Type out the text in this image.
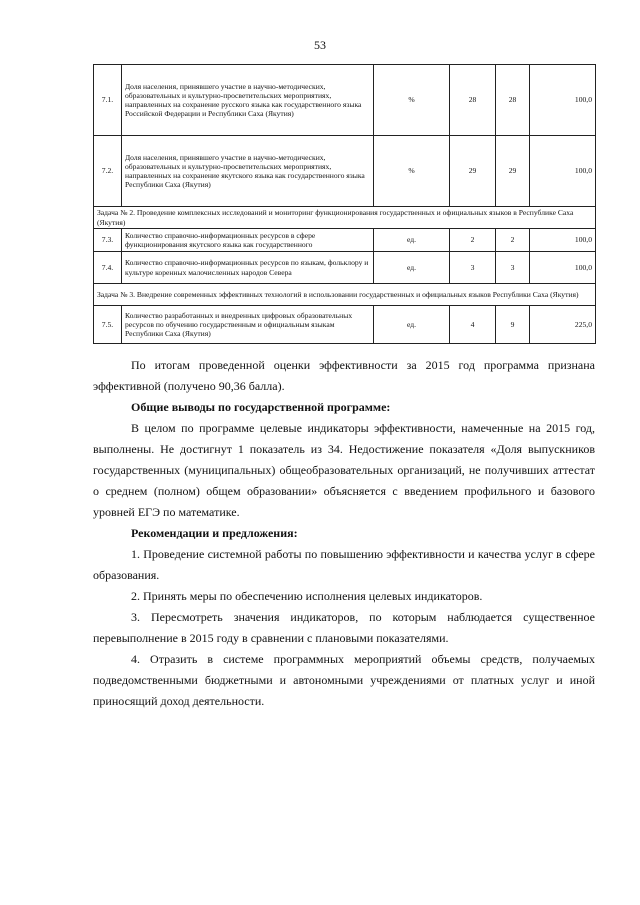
53
7.1.	Доля населения, принявшего участие в научно-методических, образовательных и культурно-просветительских мероприятиях, направленных на сохранение русского языка как государственного языка Российской Федерации и Республики Саха (Якутия)	%	28	28	100,0
7.2.	Доля населения, принявшего участие в научно-методических, образовательных и культурно-просветительских мероприятиях, направленных на сохранение якутского языка как государственного языка Республики Саха (Якутия)	%	29	29	100,0
Задача № 2. Проведение комплексных исследований и мониторинг функционирования государственных и официальных языков в Республике Саха (Якутия)					
7.3.	Количество справочно-информационных ресурсов в сфере функционирования якутского языка как государственного	ед.	2	2	100,0
7.4.	Количество справочно-информационных ресурсов по языкам, фольклору и культуре коренных малочисленных народов Севера	ед.	3	3	100,0
Задача № 3. Внедрение современных эффективных технологий в использовании государственных и официальных языков Республики Саха (Якутия)					
7.5.	Количество разработанных и внедренных цифровых образовательных ресурсов по обучению государственным и официальным языкам Республики Саха (Якутия)	ед.	4	9	225,0

По итогам проведенной оценки эффективности за 2015 год программа признана эффективной (получено 90,36 балла).

Общие выводы по государственной программе:

В целом по программе целевые индикаторы эффективности, намеченные на 2015 год, выполнены. Не достигнут 1 показатель из 34. Недостижение показателя «Доля выпускников государственных (муниципальных) общеобразовательных организаций, не получивших аттестат о среднем (полном) общем образовании» объясняется с введением профильного и базового уровней ЕГЭ по математике.

Рекомендации и предложения:

1. Проведение системной работы по повышению эффективности и качества услуг в сфере образования.

2. Принять меры по обеспечению исполнения целевых индикаторов.

3. Пересмотреть значения индикаторов, по которым наблюдается существенное перевыполнение в 2015 году в сравнении с плановыми показателями.

4. Отразить в системе программных мероприятий объемы средств, получаемых подведомственными бюджетными и автономными учреждениями от платных услуг и иной приносящий доход деятельности.
